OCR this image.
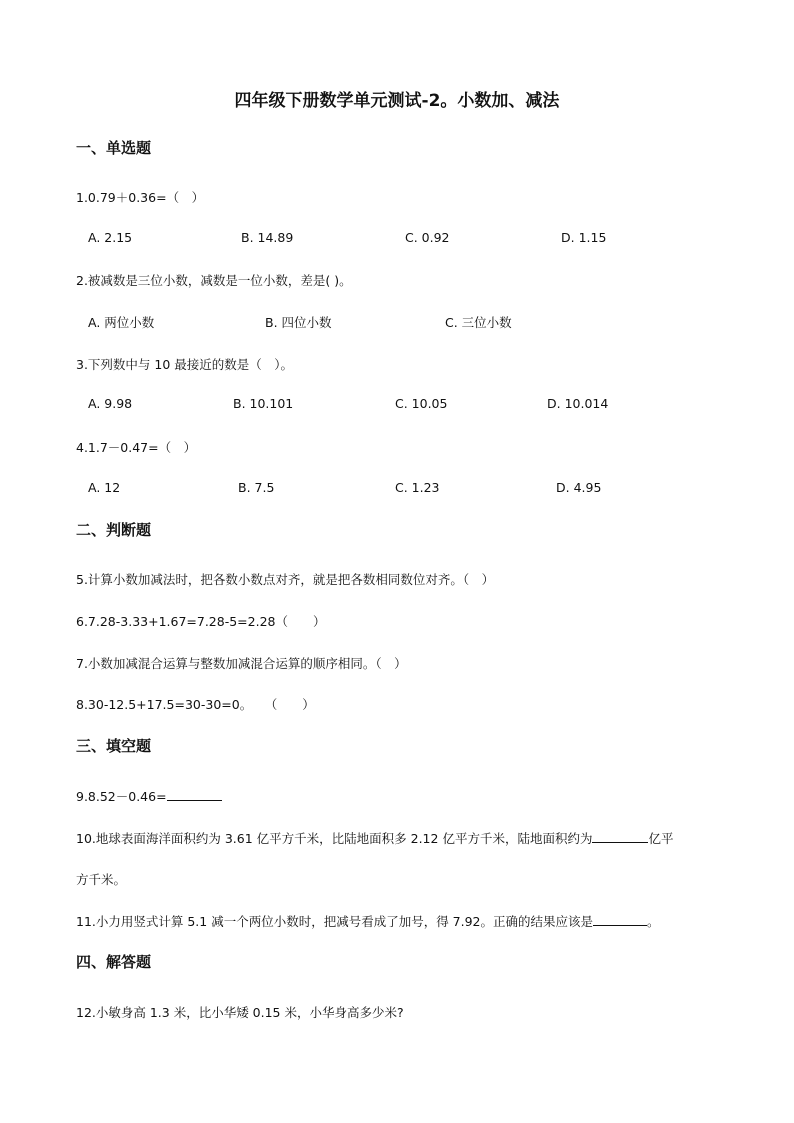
四年级下册数学单元测试-2。小数加、减法
一、单选题
1.0.79＋0.36=（　）
A. 2.15	B. 14.89	C. 0.92	D. 1.15
2.被减数是三位小数，减数是一位小数，差是( )。
A. 两位小数	B. 四位小数	C. 三位小数
3.下列数中与 10 最接近的数是（　）。
A. 9.98	B. 10.101	C. 10.05	D. 10.014
4.1.7－0.47=（　）
A. 12	B. 7.5	C. 1.23	D. 4.95
二、判断题
5.计算小数加减法时，把各数小数点对齐，就是把各数相同数位对齐。（　）
6.7.28-3.33+1.67=7.28-5=2.28（　　）
7.小数加减混合运算与整数加减混合运算的顺序相同。（　）
8.30-12.5+17.5=30-30=0。　　（　　）
三、填空题
9.8.52－0.46=
10.地球表面海洋面积约为 3.61 亿平方千米，比陆地面积多 2.12 亿平方千米，陆地面积约为	亿平
方千米。
11.小力用竖式计算 5.1 减一个两位小数时，把减号看成了加号，得 7.92。正确的结果应该是	。
四、解答题
12.小敏身高 1.3 米，比小华矮 0.15 米，小华身高多少米?
